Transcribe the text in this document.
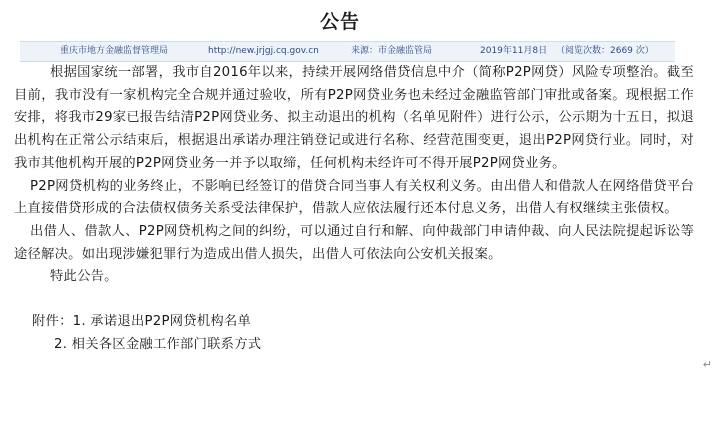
公告
重庆市地方金融监督管理局	http://new.jrjgj.cq.gov.cn	来源：市金融监管局	2019年11月8日 （阅览次数：2669 次）

根据国家统一部署，我市自2016年以来，持续开展网络借贷信息中介（简称P2P网贷）风险专项整治。截至目前，我市没有一家机构完全合规并通过验收，所有P2P网贷业务也未经过金融监管部门审批或备案。现根据工作安排，将我市29家已报告结清P2P网贷业务、拟主动退出的机构（名单见附件）进行公示，公示期为十五日，拟退出机构在正常公示结束后，根据退出承诺办理注销登记或进行名称、经营范围变更，退出P2P网贷行业。同时，对我市其他机构开展的P2P网贷业务一并予以取缔，任何机构未经许可不得开展P2P网贷业务。

P2P网贷机构的业务终止，不影响已经签订的借贷合同当事人有关权利义务。由出借人和借款人在网络借贷平台上直接借贷形成的合法债权债务关系受法律保护，借款人应依法履行还本付息义务，出借人有权继续主张债权。

出借人、借款人、P2P网贷机构之间的纠纷，可以通过自行和解、向仲裁部门申请仲裁、向人民法院提起诉讼等途径解决。如出现涉嫌犯罪行为造成出借人损失，出借人可依法向公安机关报案。

特此公告。

附件：1. 承诺退出P2P网贷机构名单

2. 相关各区金融工作部门联系方式

↵
